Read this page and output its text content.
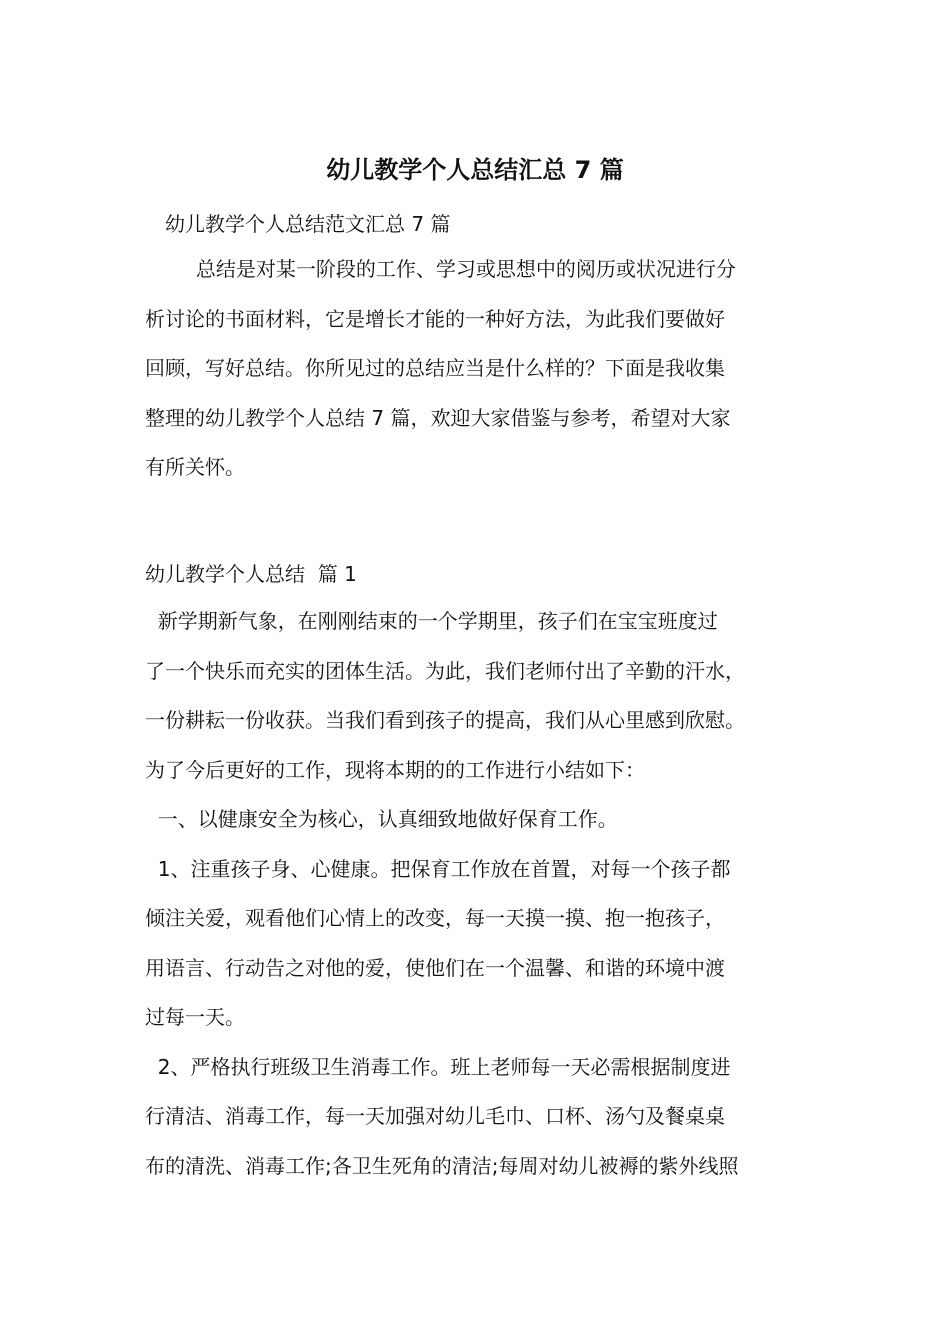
幼儿教学个人总结汇总 7 篇

幼儿教学个人总结范文汇总 7 篇

总结是对某一阶段的工作、学习或思想中的阅历或状况进行分
析讨论的书面材料，它是增长才能的一种好方法，为此我们要做好
回顾，写好总结。你所见过的总结应当是什么样的？下面是我收集
整理的幼儿教学个人总结 7 篇，欢迎大家借鉴与参考，希望对大家
有所关怀。

幼儿教学个人总结  篇 1

新学期新气象，在刚刚结束的一个学期里，孩子们在宝宝班度过
了一个快乐而充实的团体生活。为此，我们老师付出了辛勤的汗水，
一份耕耘一份收获。当我们看到孩子的提高，我们从心里感到欣慰。
为了今后更好的工作，现将本期的的工作进行小结如下：
一、以健康安全为核心，认真细致地做好保育工作。
1、注重孩子身、心健康。把保育工作放在首置，对每一个孩子都
倾注关爱，观看他们心情上的改变，每一天摸一摸、抱一抱孩子，
用语言、行动告之对他的爱，使他们在一个温馨、和谐的环境中渡
过每一天。
2、严格执行班级卫生消毒工作。班上老师每一天必需根据制度进
行清洁、消毒工作，每一天加强对幼儿毛巾、口杯、汤勺及餐桌桌
布的清洗、消毒工作;各卫生死角的清洁;每周对幼儿被褥的紫外线照
